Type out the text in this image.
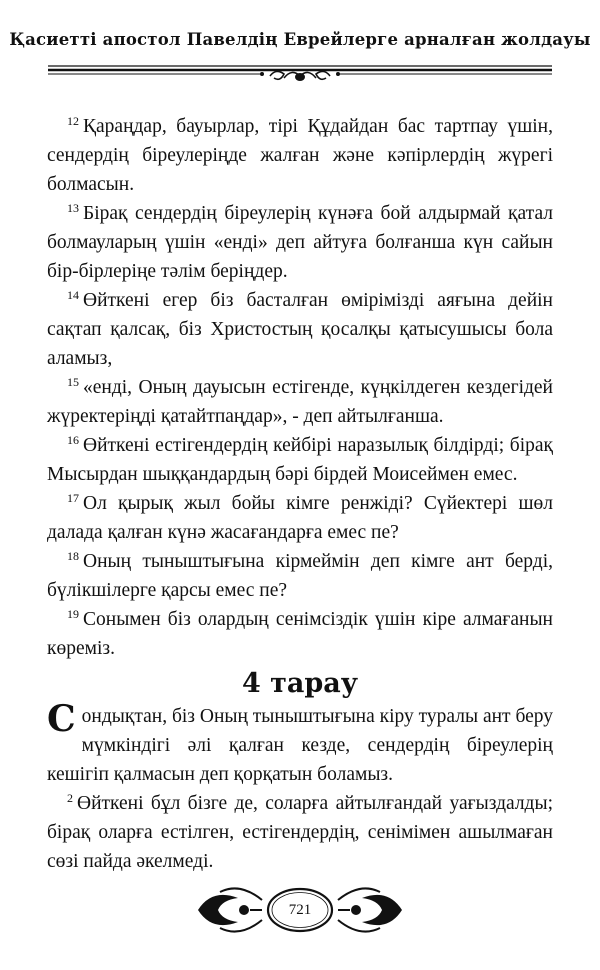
Қасиетті апостол Павелдің Еврейлерге арналған жолдауы

$^{12}$ Қараңдар, бауырлар, тірі Құдайдан бас тартпау үшін, сендердің біреулеріңде жалған және кәпірлердің жүрегі болмасын.

$^{13}$ Бірақ сендердің біреулерің күнәға бой алдырмай қатал болмауларың үшін «енді» деп айтуға болғанша күн сайын бір-бірлеріңе тәлім беріңдер.

$^{14}$ Өйткені егер біз басталған өмірімізді аяғына дейін сақтап қалсақ, біз Христостың қосалқы қатысушысы бола аламыз,

$^{15}$ «енді, Оның дауысын естігенде, күңкілдеген кездегідей жүректеріңді қатайтпаңдар», - деп айтылғанша.

$^{16}$ Өйткені естігендердің кейбірі наразылық білдірді; бірақ Мысырдан шыққандардың бәрі бірдей Моисеймен емес.

$^{17}$ Ол қырық жыл бойы кімге ренжіді? Сүйектері шөл далада қалған күнә жасағандарға емес пе?

$^{18}$ Оның тыныштығына кірмеймін деп кімге ант берді, бүлікшілерге қарсы емес пе?

$^{19}$ Сонымен біз олардың сенімсіздік үшін кіре алмағанын көреміз.

4 тарау

Сондықтан, біз Оның тыныштығына кіру туралы ант беру мүмкіндігі әлі қалған кезде, сендердің біреулерің кешігіп қалмасын деп қорқатын боламыз.

$^2$ Өйткені бұл бізге де, соларға айтылғандай уағыздалды; бірақ оларға естілген, естігендердің, сенімімен ашылмаған сөзі пайда әкелмеді.

721
